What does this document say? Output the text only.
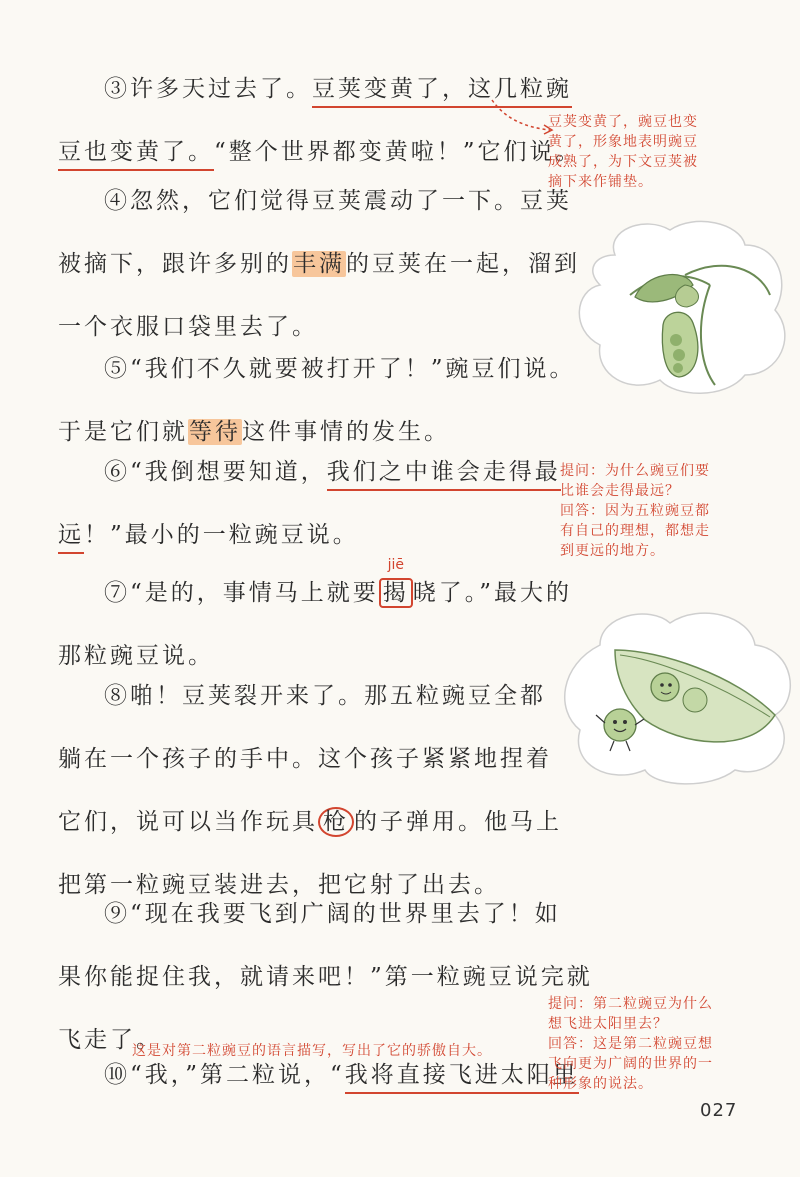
③许多天过去了。豆荚变黄了，这几粒豌
豆也变黄了。“整个世界都变黄啦！”它们说。
④忽然，它们觉得豆荚震动了一下。豆荚
被摘下，跟许多别的丰满的豆荚在一起，溜到
一个衣服口袋里去了。
⑤“我们不久就要被打开了！”豌豆们说。
于是它们就等待这件事情的发生。
⑥“我倒想要知道，我们之中谁会走得最
远！”最小的一粒豌豆说。
⑦“是的，事情马上就要 揭
jiē
晓了。”最大的
那粒豌豆说。
⑧啪！豆荚裂开来了。那五粒豌豆全都
躺在一个孩子的手中。这个孩子紧紧地捏着
它们，说可以当作玩具 枪 的子弹用。他马上
把第一粒豌豆装进去，把它射了出去。
⑨“现在我要飞到广阔的世界里去了！如
果你能捉住我，就请来吧！”第一粒豌豆说完就
飞走了。
⑩“我，”第二粒说，“我将直接飞进太阳里
豆荚变黄了，豌豆也变
黄了，形象地表明豌豆
成熟了，为下文豆荚被
摘下来作铺垫。
提问：为什么豌豆们要
比谁会走得最远？
回答：因为五粒豌豆都
有自己的理想，都想走
到更远的地方。
提问：第二粒豌豆为什么
想飞进太阳里去？
回答：这是第二粒豌豆想
飞向更为广阔的世界的一
种形象的说法。
这是对第二粒豌豆的语言描写，写出了它的骄傲自大。
027
